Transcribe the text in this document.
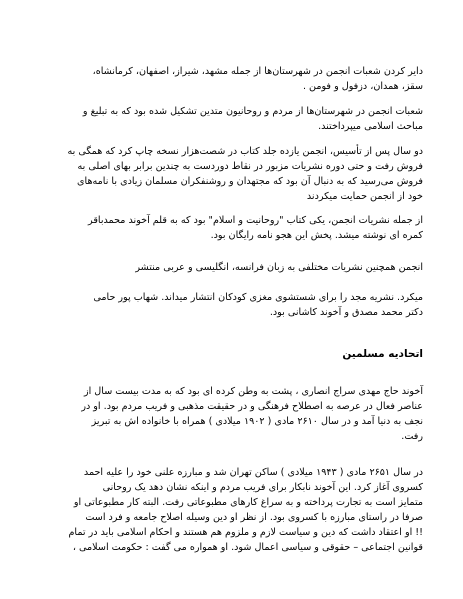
دایر کردن شعبات انجمن در شهرستان‌ها از جمله مشهد، شیراز، اصفهان، کرمانشاه،
سقز، همدان، دزفول و فومن .
شعبات انجمن در شهرستان‌ها از مردم و روحانیون متدین تشکیل شده بود که به تبلیغ و
مباحث اسلامی میپرداختند.
دو سال پس از تأسیس، انجمن یازده جلد کتاب در شصت‌هزار نسخه چاپ کرد که همگی به
فروش رفت و حتی دوره نشریات مزبور در نقاط دوردست به چندین برابر بهای اصلی به
فروش می‌رسید که به دنبال آن بود که مجتهدان و روشنفکران مسلمان زیادی با نامه‌های
خود از انجمن حمایت میکردند
از جمله نشریات انجمن، یکی کتاب "روحانیت و اسلام" بود که به قلم آخوند محمدباقر
کمره ای نوشته میشد. پخش این هجو نامه رایگان بود.
انجمن همچنین نشریات مختلفی به زبان فرانسه، انگلیسی و عربی منتشر
میکرد. نشریه مجد را برای شستشوی مغزی کودکان انتشار میداند. شهاب پور حامی
دکتر محمد مصدق و آخوند کاشانی بود.
اتحادیه مسلمین
آخوند حاج مهدی سراج انصاری ، پشت به وطن کرده ای بود که به مدت بیست سال از
عناصر فعال در عرصه به اصطلاح فرهنگی و در حقیقت مذهبی و فریب مردم بود. او در
نجف به دنیا آمد و در سال ۲۶۱۰ مادی ( ۱۹۰۲ میلادی ) همراه با خانواده اش به تبریز
رفت.
در سال ۲۶۵۱ مادی ( ۱۹۴۳ میلادی ) ساکن تهران شد و مبارزه علنی خود را علیه احمد
کسروی آغاز کرد. این آخوند نابکار برای فریب مردم و اینکه نشان دهد یک روحانی
متمایز است به تجارت پرداخته و به سراغ کارهای مطبوعاتی رفت. البته کار مطبوعاتی او
صرفا در راستای مبارزه با کسروی بود. از نظر او دین وسیله اصلاح جامعه و فرد است
!! او اعتقاد داشت که دین و سیاست لازم و ملزوم هم هستند و احکام اسلامی باید در تمام
قوانین اجتماعی – حقوقی و سیاسی اعمال شود. او همواره می گفت : حکومت اسلامی ،
